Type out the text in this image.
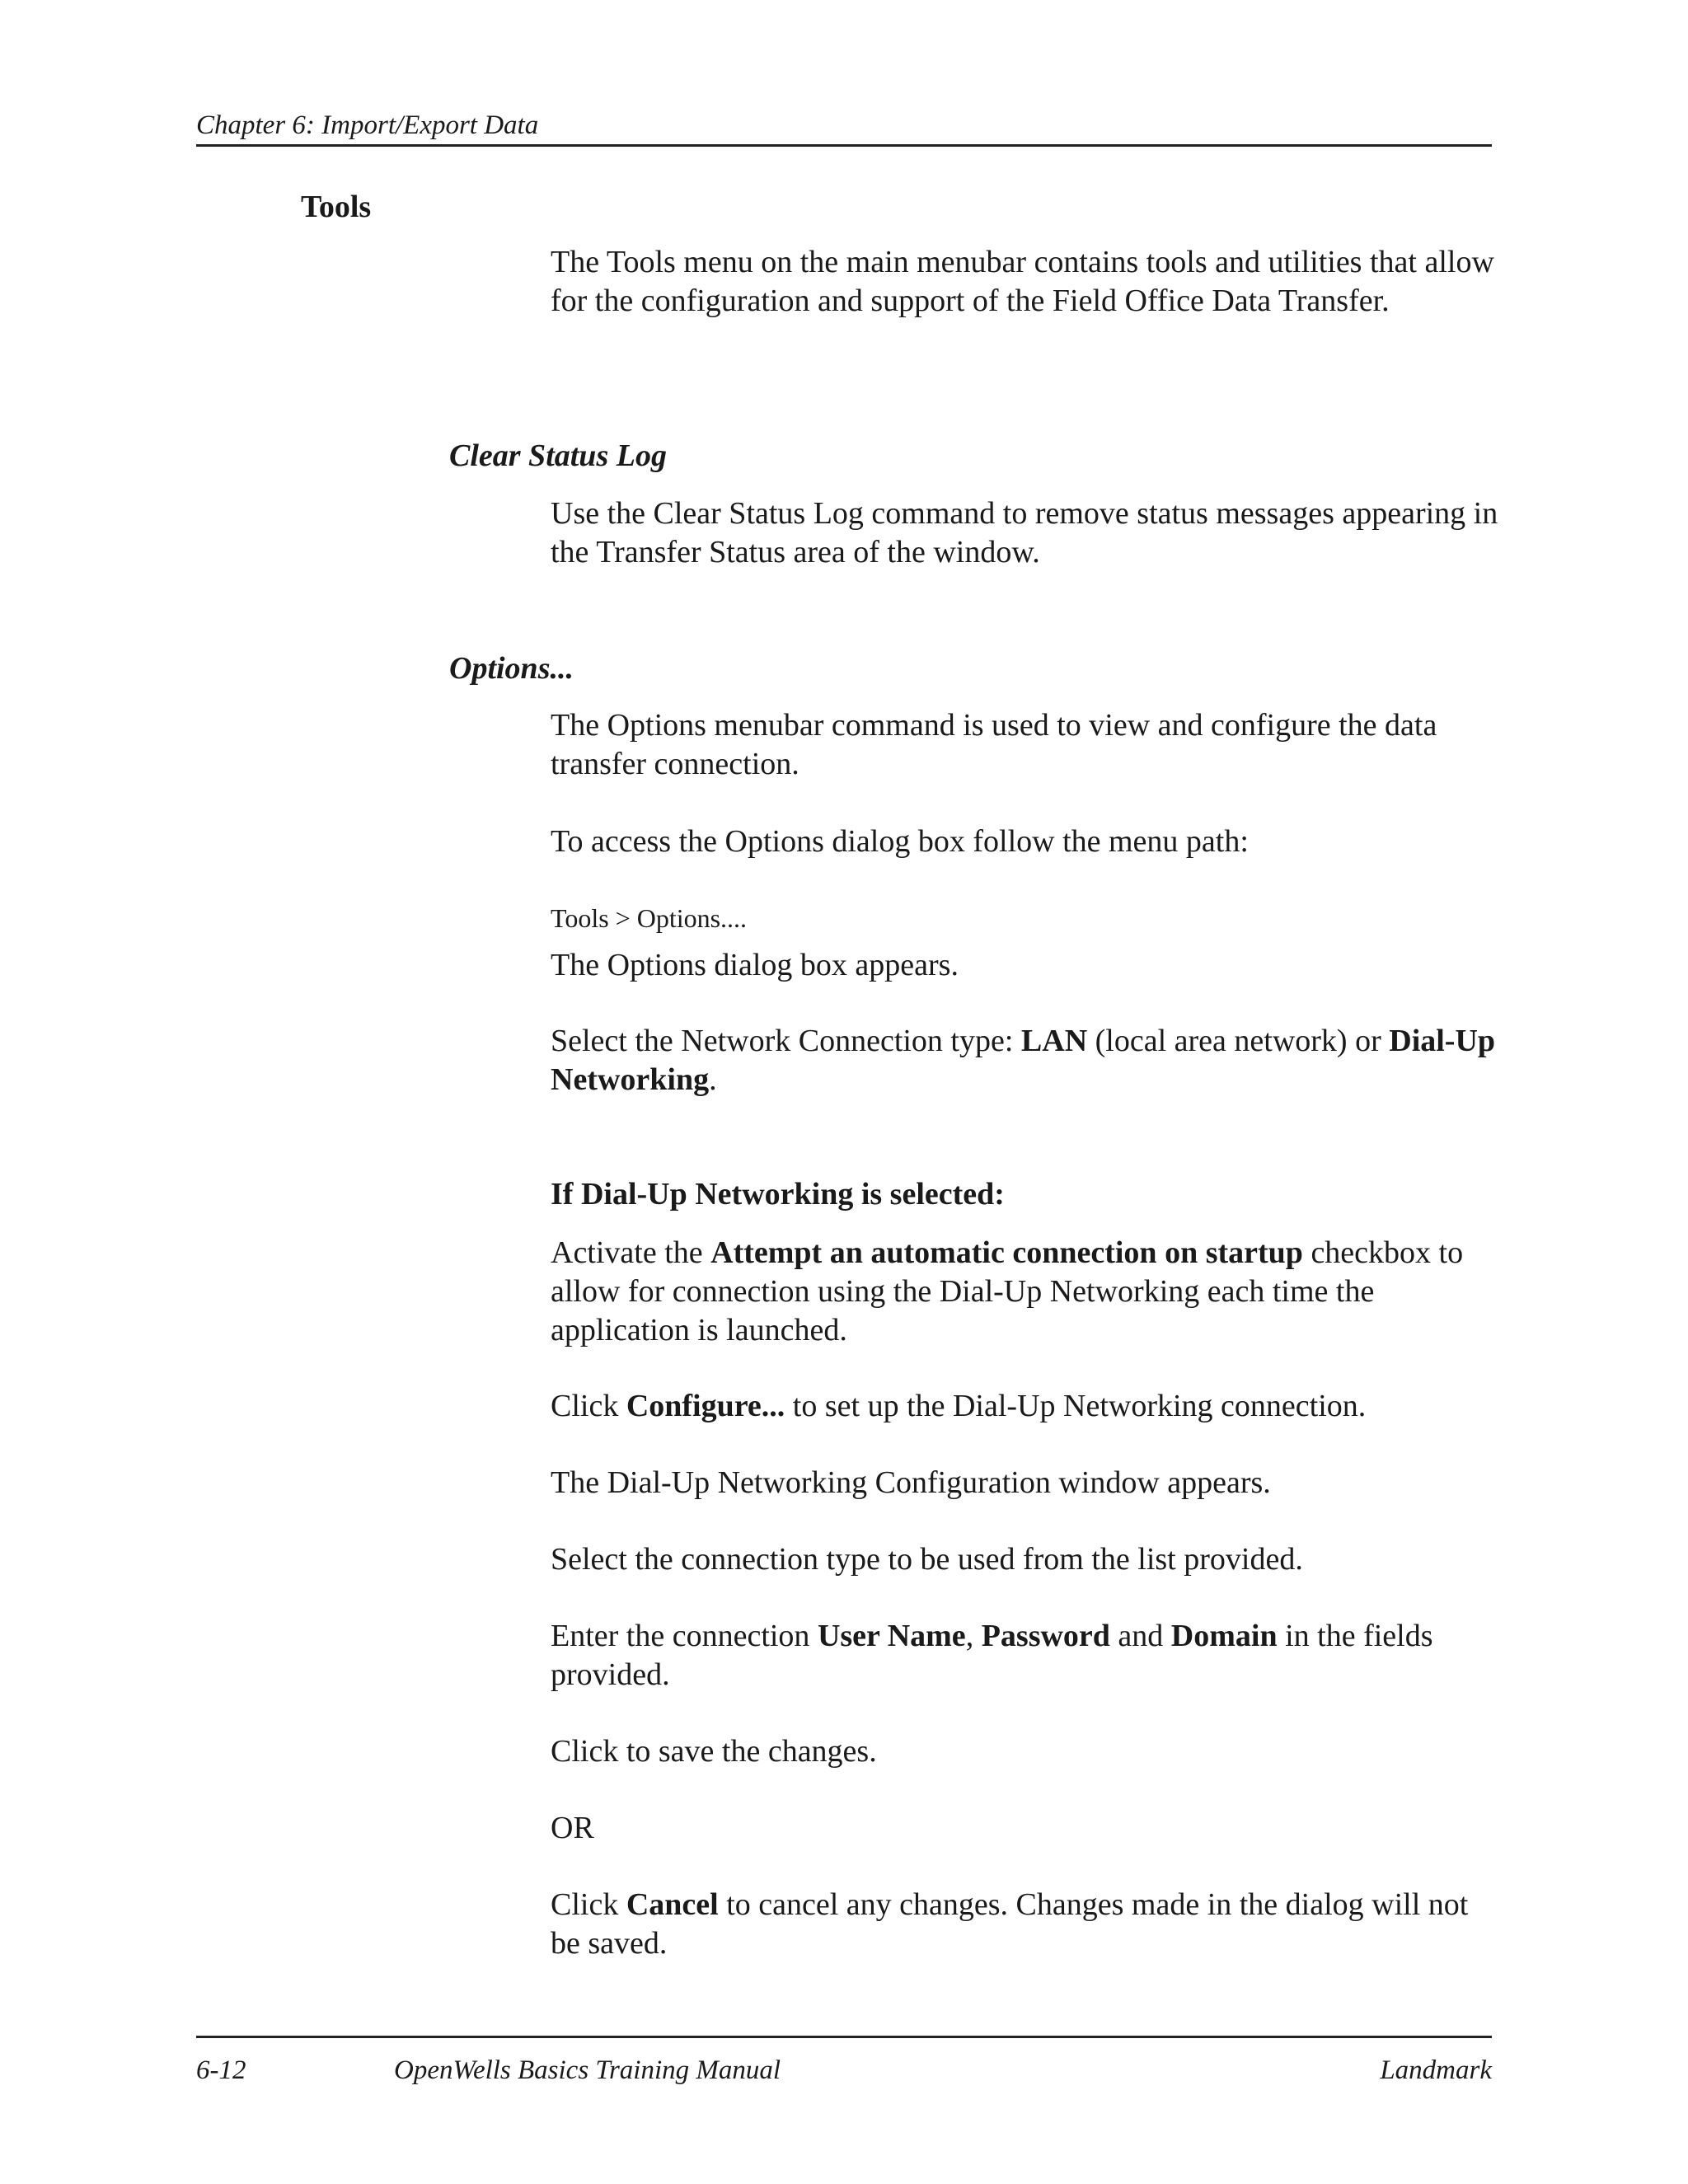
Chapter 6: Import/Export Data
Tools

The Tools menu on the main menubar contains tools and utilities that allow for the configuration and support of the Field Office Data Transfer.

Clear Status Log

Use the Clear Status Log command to remove status messages appearing in the Transfer Status area of the window.

Options...

The Options menubar command is used to view and configure the data transfer connection.

To access the Options dialog box follow the menu path:

Tools > Options....

The Options dialog box appears.

Select the Network Connection type: LAN (local area network) or Dial-Up Networking.

If Dial-Up Networking is selected:

Activate the Attempt an automatic connection on startup checkbox to allow for connection using the Dial-Up Networking each time the application is launched.

Click Configure... to set up the Dial-Up Networking connection.

The Dial-Up Networking Configuration window appears.

Select the connection type to be used from the list provided.

Enter the connection User Name, Password and Domain in the fields provided.

Click to save the changes.

OR

Click Cancel to cancel any changes. Changes made in the dialog will not be saved.

6-12	OpenWells Basics Training Manual	Landmark
